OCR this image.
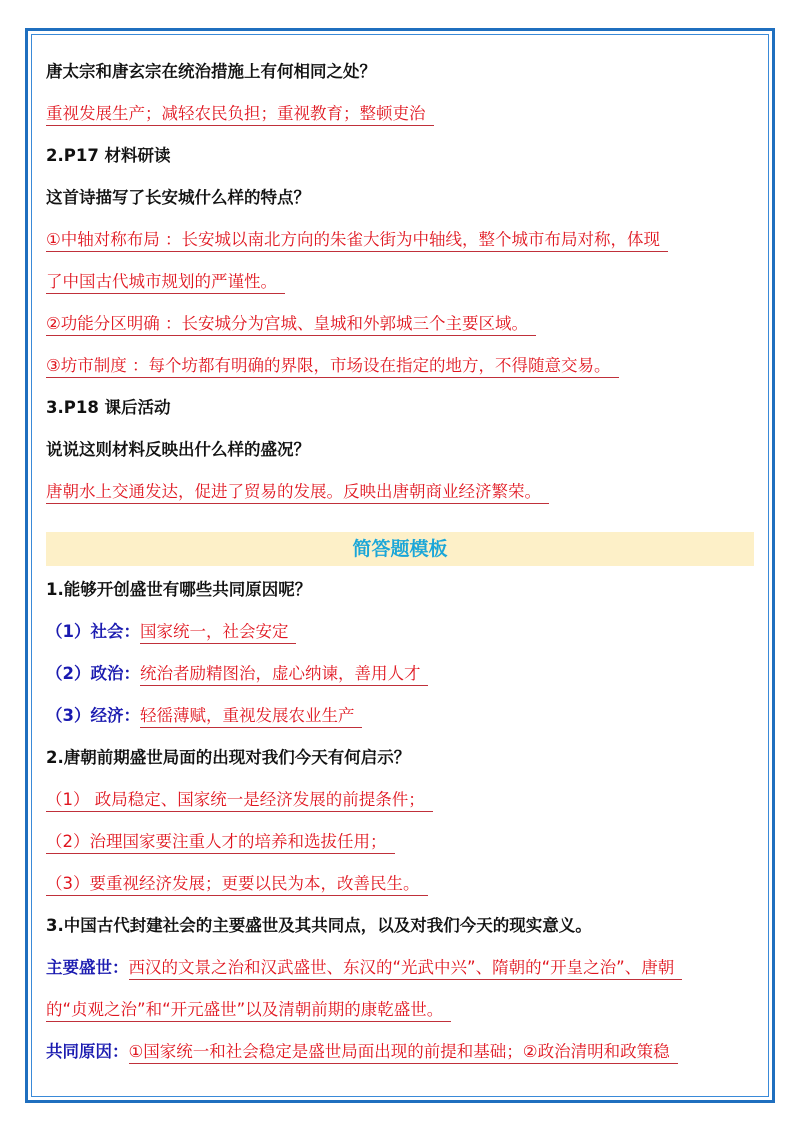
唐太宗和唐玄宗在统治措施上有何相同之处？
重视发展生产；减轻农民负担；重视教育；整顿吏治
2.P17 材料研读
这首诗描写了长安城什么样的特点？
①中轴对称布局 ：长安城以南北方向的朱雀大街为中轴线，整个城市布局对称，体现
了中国古代城市规划的严谨性。
②功能分区明确 ：长安城分为宫城、皇城和外郭城三个主要区域。
③坊市制度 ：每个坊都有明确的界限，市场设在指定的地方，不得随意交易。
3.P18 课后活动
说说这则材料反映出什么样的盛况？
唐朝水上交通发达，促进了贸易的发展。反映出唐朝商业经济繁荣。
简答题模板
1.能够开创盛世有哪些共同原因呢？
（1）社会：国家统一，社会安定
（2）政治：统治者励精图治，虚心纳谏，善用人才
（3）经济：轻徭薄赋，重视发展农业生产
2.唐朝前期盛世局面的出现对我们今天有何启示？
（1） 政局稳定、国家统一是经济发展的前提条件；
（2）治理国家要注重人才的培养和选拔任用；
（3）要重视经济发展；更要以民为本，改善民生。
3.中国古代封建社会的主要盛世及其共同点，以及对我们今天的现实意义。
主要盛世：西汉的文景之治和汉武盛世、东汉的“光武中兴”、隋朝的“开皇之治”、唐朝
的“贞观之治”和“开元盛世”以及清朝前期的康乾盛世。
共同原因：①国家统一和社会稳定是盛世局面出现的前提和基础；②政治清明和政策稳
